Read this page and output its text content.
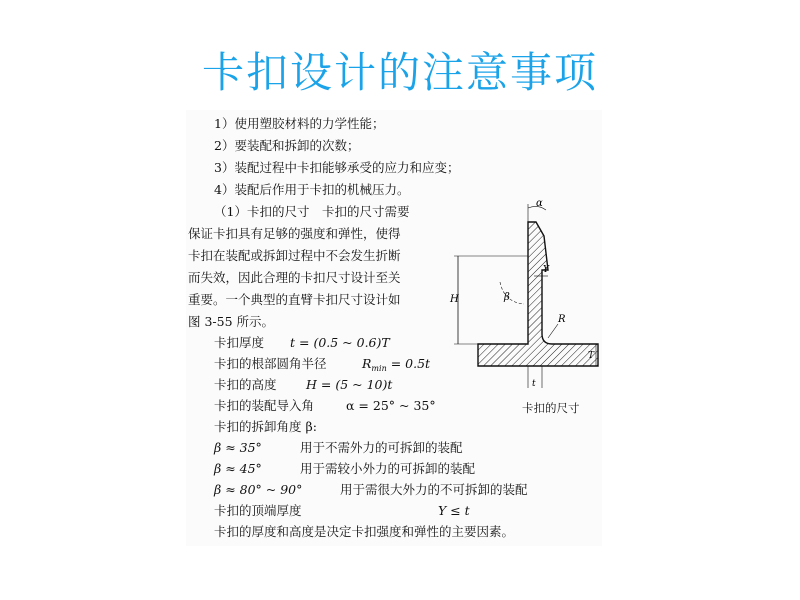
卡扣设计的注意事项
1）使用塑胶材料的力学性能；
2）要装配和拆卸的次数；
3）装配过程中卡扣能够承受的应力和应变；
4）装配后作用于卡扣的机械压力。
（1）卡扣的尺寸　卡扣的尺寸需要
保证卡扣具有足够的强度和弹性，使得
卡扣在装配或拆卸过程中不会发生折断
而失效，因此合理的卡扣尺寸设计至关
重要。一个典型的直臂卡扣尺寸设计如
图 3-55 所示。
卡扣厚度 t = (0.5 ~ 0.6)T
卡扣的根部圆角半径	$R_{min} = 0.5t$
卡扣的高度 H = (5 ~ 10)t
卡扣的装配导入角	α = 25° ~ 35°
卡扣的拆卸角度 β:
β ≈ 35°	用于不需外力的可拆卸的装配
β ≈ 45°	用于需较小外力的可拆卸的装配
β ≈ 80° ~ 90°	用于需很大外力的不可拆卸的装配
卡扣的顶端厚度	Y ≤ t
卡扣的厚度和高度是决定卡扣强度和弹性的主要因素。
α
β
Y
H
R
T
t
卡扣的尺寸
